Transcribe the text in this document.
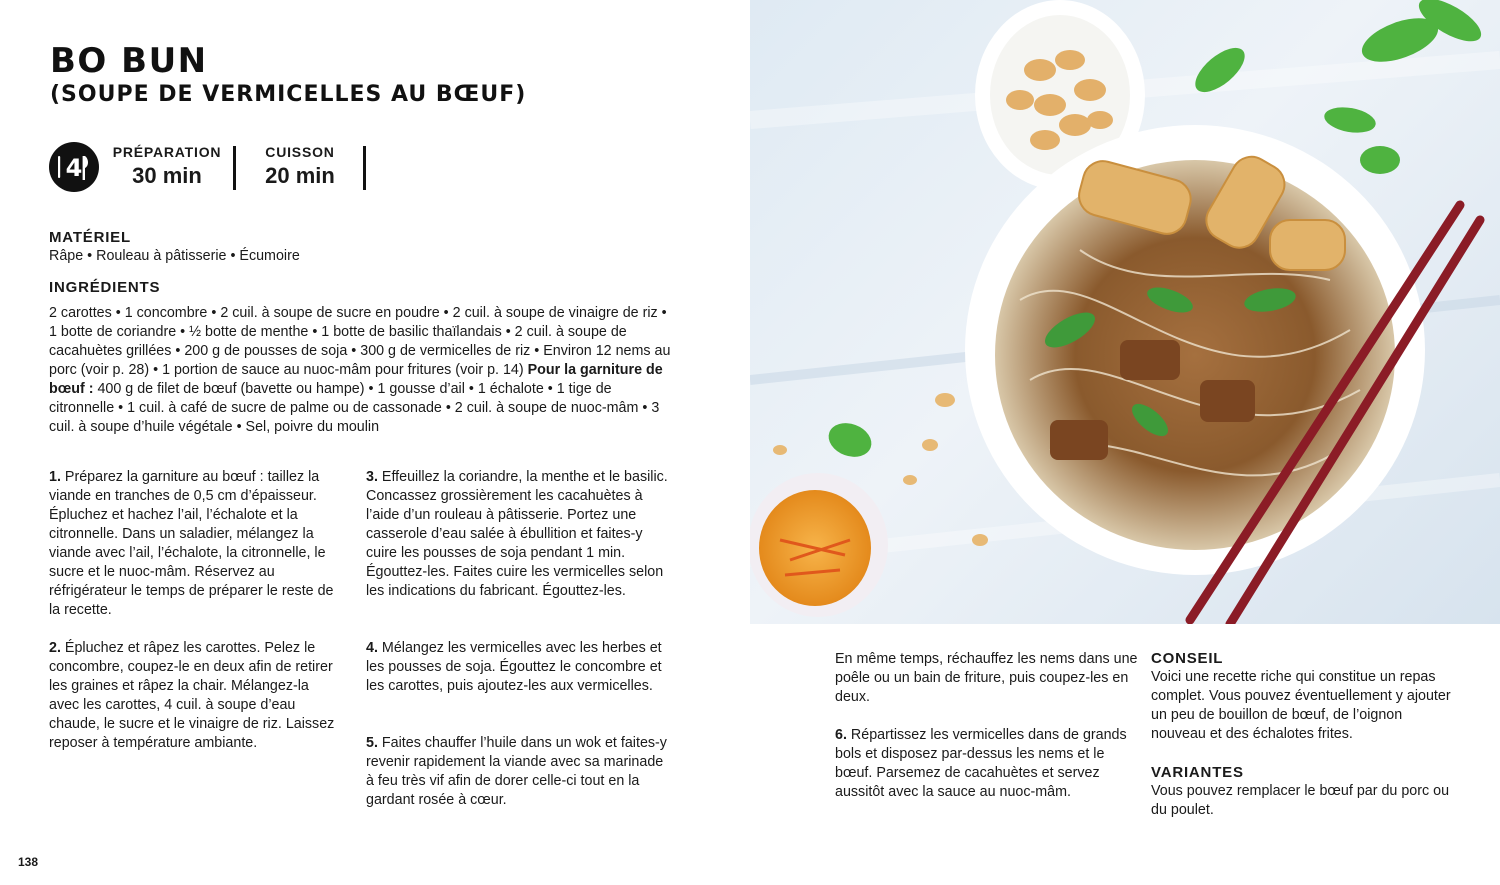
BO BUN
(SOUPE DE VERMICELLES AU BŒUF)
4
PRÉPARATION
30 min
CUISSON
20 min
MATÉRIEL

Râpe • Rouleau à pâtisserie • Écumoire

INGRÉDIENTS

2 carottes • 1 concombre • 2 cuil. à soupe de sucre en poudre • 2 cuil. à soupe de vinaigre de riz • 1 botte de coriandre • ½ botte de menthe • 1 botte de basilic thaïlandais • 2 cuil. à soupe de cacahuètes grillées • 200 g de pousses de soja • 300 g de vermicelles de riz • Environ 12 nems au porc (voir p. 28) • 1 portion de sauce au nuoc-mâm pour fritures (voir p. 14) Pour la garniture de bœuf : 400 g de filet de bœuf (bavette ou hampe) • 1 gousse d’ail • 1 échalote • 1 tige de citronnelle • 1 cuil. à café de sucre de palme ou de cassonade • 2 cuil. à soupe de nuoc-mâm • 3 cuil. à soupe d’huile végétale • Sel, poivre du moulin

1. Préparez la garniture au bœuf : taillez la viande en tranches de 0,5 cm d’épaisseur. Épluchez et hachez l’ail, l’échalote et la citronnelle. Dans un saladier, mélangez la viande avec l’ail, l’échalote, la citronnelle, le sucre et le nuoc-mâm. Réservez au réfrigérateur le temps de préparer le reste de la recette.

2. Épluchez et râpez les carottes. Pelez le concombre, coupez-le en deux afin de retirer les graines et râpez la chair. Mélangez-la avec les carottes, 4 cuil. à soupe d’eau chaude, le sucre et le vinaigre de riz. Laissez reposer à température ambiante.

3. Effeuillez la coriandre, la menthe et le basilic. Concassez grossièrement les cacahuètes à l’aide d’un rouleau à pâtisserie. Portez une casserole d’eau salée à ébullition et faites-y cuire les pousses de soja pendant 1 min. Égouttez-les. Faites cuire les vermicelles selon les indications du fabricant. Égouttez-les.

4. Mélangez les vermicelles avec les herbes et les pousses de soja. Égouttez le concombre et les carottes, puis ajoutez-les aux vermicelles.

5. Faites chauffer l’huile dans un wok et faites-y revenir rapidement la viande avec sa marinade à feu très vif afin de dorer celle-ci tout en la gardant rosée à cœur.

En même temps, réchauffez les nems dans une poêle ou un bain de friture, puis coupez-les en deux.

6. Répartissez les vermicelles dans de grands bols et disposez par-dessus les nems et le bœuf. Parsemez de cacahuètes et servez aussitôt avec la sauce au nuoc-mâm.

CONSEIL

Voici une recette riche qui constitue un repas complet. Vous pouvez éventuellement y ajouter un peu de bouillon de bœuf, de l’oignon nouveau et des échalotes frites.

VARIANTES

Vous pouvez remplacer le bœuf par du porc ou du poulet.

138
